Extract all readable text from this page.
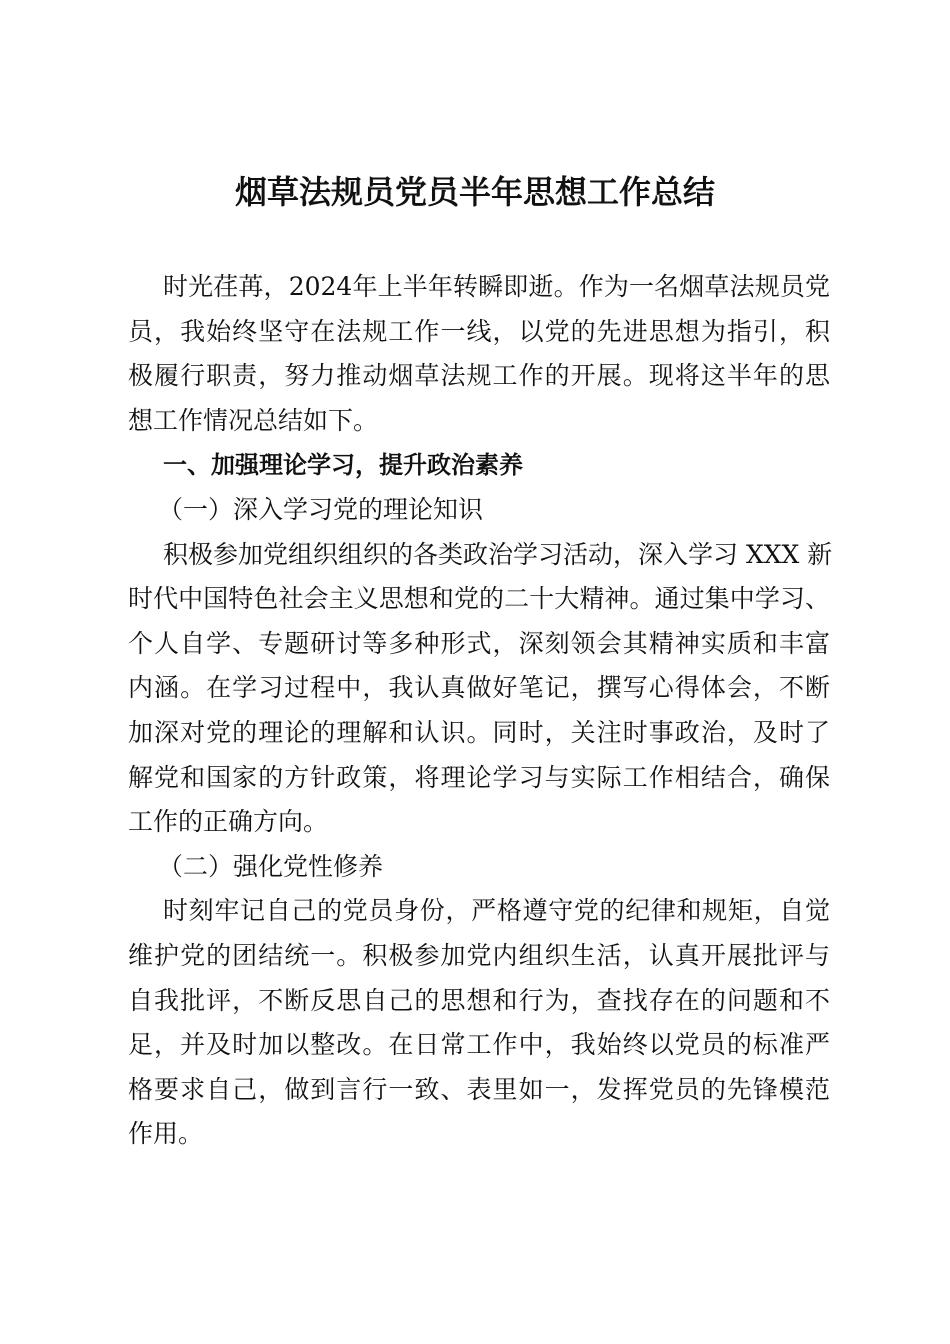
烟草法规员党员半年思想工作总结
时光荏苒，2024年上半年转瞬即逝。作为一名烟草法规员党
员，我始终坚守在法规工作一线，以党的先进思想为指引，积
极履行职责，努力推动烟草法规工作的开展。现将这半年的思
想工作情况总结如下。
一、加强理论学习，提升政治素养
（一）深入学习党的理论知识
积极参加党组织组织的各类政治学习活动，深入学习 XXX 新
时代中国特色社会主义思想和党的二十大精神。通过集中学习、
个人自学、专题研讨等多种形式，深刻领会其精神实质和丰富
内涵。在学习过程中，我认真做好笔记，撰写心得体会，不断
加深对党的理论的理解和认识。同时，关注时事政治，及时了
解党和国家的方针政策，将理论学习与实际工作相结合，确保
工作的正确方向。
（二）强化党性修养
时刻牢记自己的党员身份，严格遵守党的纪律和规矩，自觉
维护党的团结统一。积极参加党内组织生活，认真开展批评与
自我批评，不断反思自己的思想和行为，查找存在的问题和不
足，并及时加以整改。在日常工作中，我始终以党员的标准严
格要求自己，做到言行一致、表里如一，发挥党员的先锋模范
作用。
